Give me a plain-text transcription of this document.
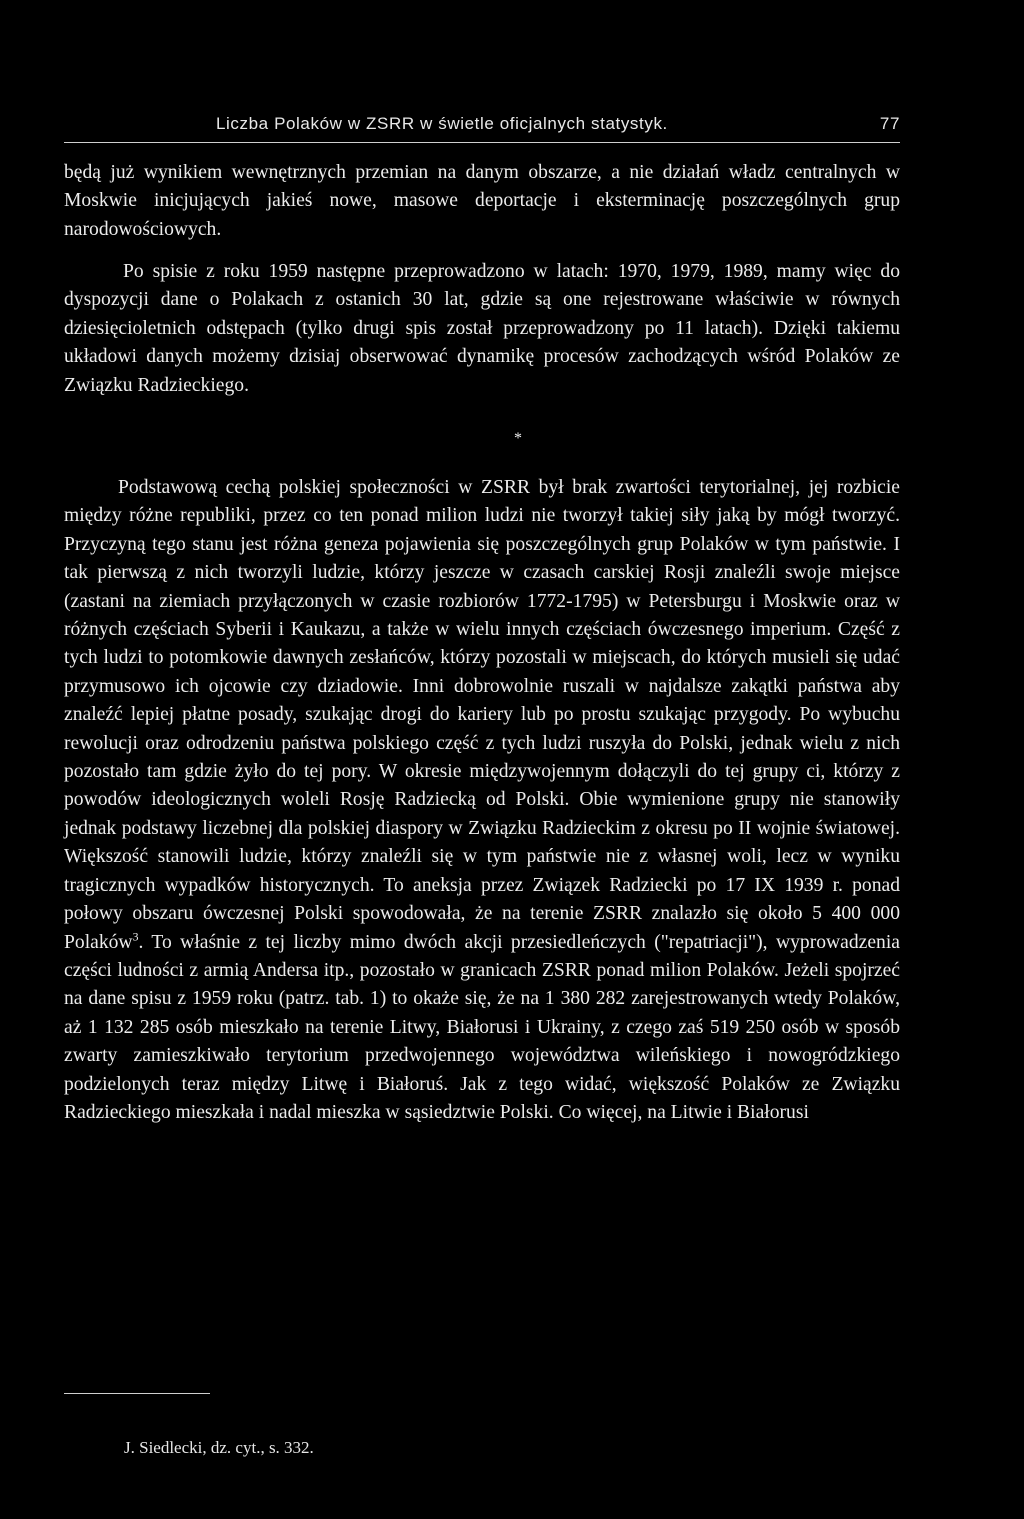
Liczba Polaków w ZSRR w świetle oficjalnych statystyk.	77

będą już wynikiem wewnętrznych przemian na danym obszarze, a nie działań władz centralnych w Moskwie inicjujących jakieś nowe, masowe deportacje i eksterminację poszczególnych grup narodowościowych.

Po spisie z roku 1959 następne przeprowadzono w latach: 1970, 1979, 1989, mamy więc do dyspozycji dane o Polakach z ostanich 30 lat, gdzie są one rejestrowane właściwie w równych dziesięcioletnich odstępach (tylko drugi spis został przeprowadzony po 11 latach). Dzięki takiemu układowi danych możemy dzisiaj obserwować dynamikę procesów zachodzących wśród Polaków ze Związku Radzieckiego.

*

Podstawową cechą polskiej społeczności w ZSRR był brak zwartości terytorialnej, jej rozbicie między różne republiki, przez co ten ponad milion ludzi nie tworzył takiej siły jaką by mógł tworzyć. Przyczyną tego stanu jest różna geneza pojawienia się poszczególnych grup Polaków w tym państwie. I tak pierwszą z nich tworzyli ludzie, którzy jeszcze w czasach carskiej Rosji znaleźli swoje miejsce (zastani na ziemiach przyłączonych w czasie rozbiorów 1772-1795) w Petersburgu i Moskwie oraz w różnych częściach Syberii i Kaukazu, a także w wielu innych częściach ówczesnego imperium. Część z tych ludzi to potomkowie dawnych zesłańców, którzy pozostali w miejscach, do których musieli się udać przymusowo ich ojcowie czy dziadowie. Inni dobrowolnie ruszali w najdalsze zakątki państwa aby znaleźć lepiej płatne posady, szukając drogi do kariery lub po prostu szukając przygody. Po wybuchu rewolucji oraz odrodzeniu państwa polskiego część z tych ludzi ruszyła do Polski, jednak wielu z nich pozostało tam gdzie żyło do tej pory. W okresie międzywojennym dołączyli do tej grupy ci, którzy z powodów ideologicznych woleli Rosję Radziecką od Polski. Obie wymienione grupy nie stanowiły jednak podstawy liczebnej dla polskiej diaspory w Związku Radzieckim z okresu po II wojnie światowej. Większość stanowili ludzie, którzy znaleźli się w tym państwie nie z własnej woli, lecz w wyniku tragicznych wypadków historycznych. To aneksja przez Związek Radziecki po 17 IX 1939 r. ponad połowy obszaru ówczesnej Polski spowodowała, że na terenie ZSRR znalazło się około 5 400 000 Polaków$^3$. To właśnie z tej liczby mimo dwóch akcji przesiedleńczych ("repatriacji"), wyprowadzenia części ludności z armią Andersa itp., pozostało w granicach ZSRR ponad milion Polaków. Jeżeli spojrzeć na dane spisu z 1959 roku (patrz. tab. 1) to okaże się, że na 1 380 282 zarejestrowanych wtedy Polaków, aż 1 132 285 osób mieszkało na terenie Litwy, Białorusi i Ukrainy, z czego zaś 519 250 osób w sposób zwarty zamieszkiwało terytorium przedwojennego województwa wileńskiego i nowogródzkiego podzielonych teraz między Litwę i Białoruś. Jak z tego widać, większość Polaków ze Związku Radzieckiego mieszkała i nadal mieszka w sąsiedztwie Polski. Co więcej, na Litwie i Białorusi

J. Siedlecki, dz. cyt., s. 332.
